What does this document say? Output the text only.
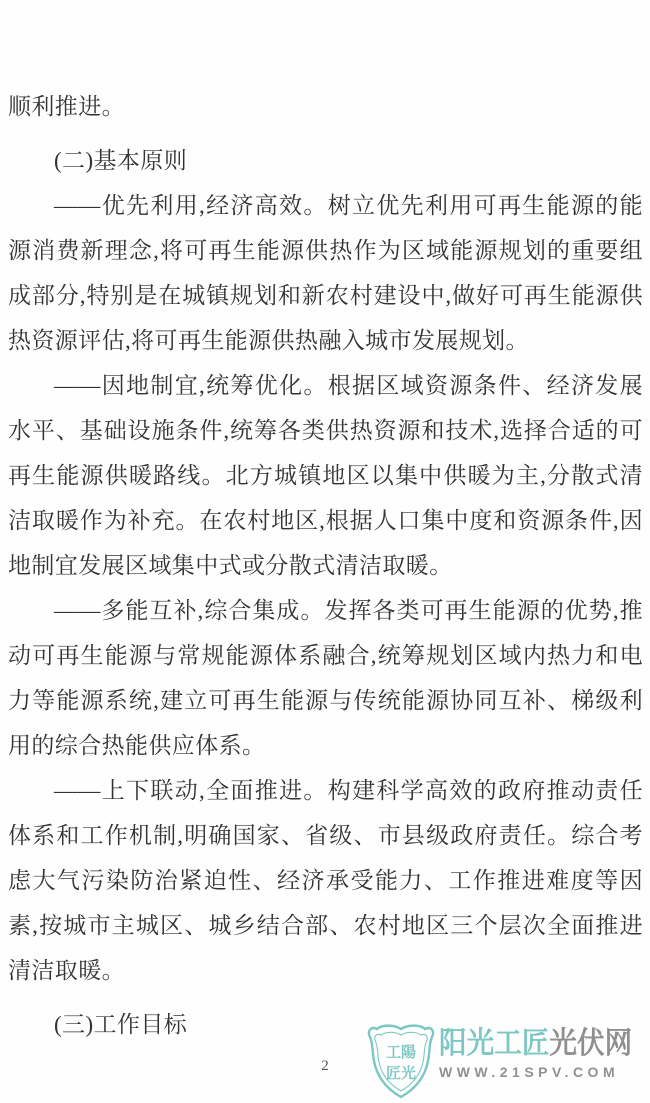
顺利推进。
(二)基本原则
——优先利用,经济高效。树立优先利用可再生能源的能源消费新理念,将可再生能源供热作为区域能源规划的重要组成部分,特别是在城镇规划和新农村建设中,做好可再生能源供热资源评估,将可再生能源供热融入城市发展规划。
——因地制宜,统筹优化。根据区域资源条件、经济发展水平、基础设施条件,统筹各类供热资源和技术,选择合适的可再生能源供暖路线。北方城镇地区以集中供暖为主,分散式清洁取暖作为补充。在农村地区,根据人口集中度和资源条件,因地制宜发展区域集中式或分散式清洁取暖。
——多能互补,综合集成。发挥各类可再生能源的优势,推动可再生能源与常规能源体系融合,统筹规划区域内热力和电力等能源系统,建立可再生能源与传统能源协同互补、梯级利用的综合热能供应体系。
——上下联动,全面推进。构建科学高效的政府推动责任体系和工作机制,明确国家、省级、市县级政府责任。综合考虑大气污染防治紧迫性、经济承受能力、工作推进难度等因素,按城市主城区、城乡结合部、农村地区三个层次全面推进清洁取暖。
(三)工作目标
2
工陽
匠光
阳光工匠光伏网
WWW.21SPV.COM
